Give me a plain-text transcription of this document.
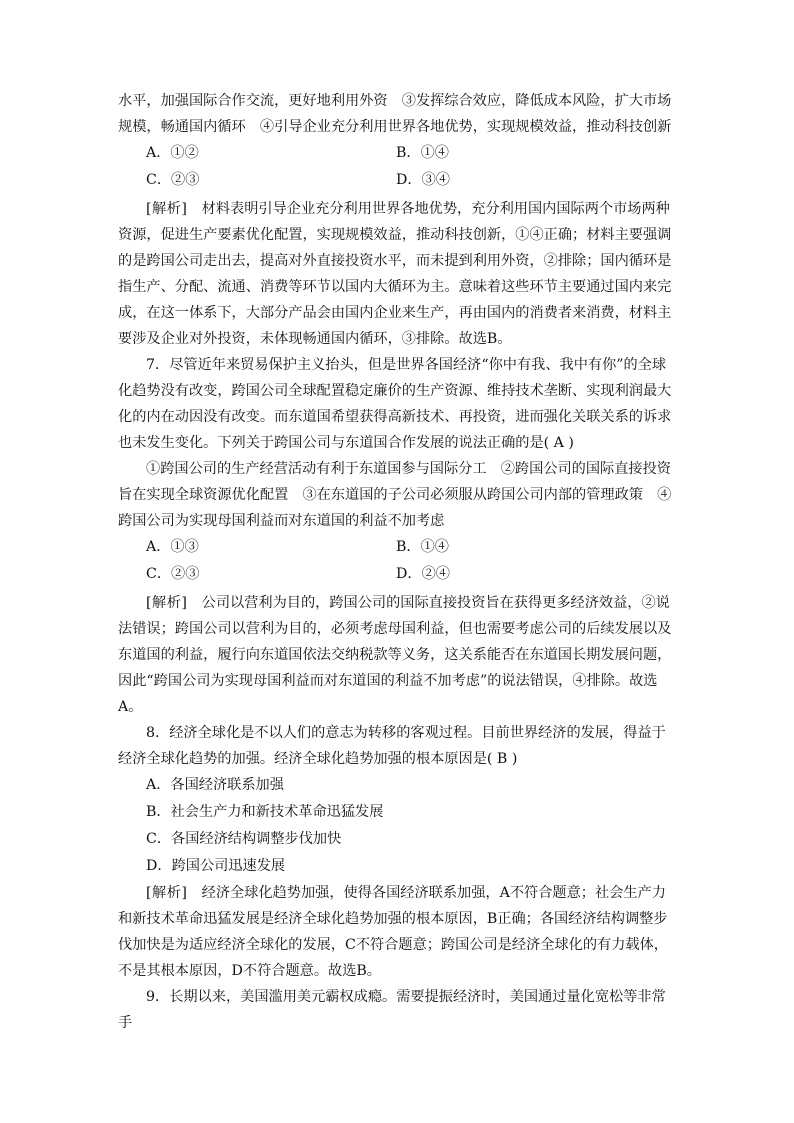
水平，加强国际合作交流，更好地利用外资　③发挥综合效应，降低成本风险，扩大市场规模，畅通国内循环　④引导企业充分利用世界各地优势，实现规模效益，推动科技创新

A．①②	B．①④
C．②③	D．③④

[解析]　材料表明引导企业充分利用世界各地优势，充分利用国内国际两个市场两种资源，促进生产要素优化配置，实现规模效益，推动科技创新，①④正确；材料主要强调的是跨国公司走出去，提高对外直接投资水平，而未提到利用外资，②排除；国内循环是指生产、分配、流通、消费等环节以国内大循环为主。意味着这些环节主要通过国内来完成，在这一体系下，大部分产品会由国内企业来生产，再由国内的消费者来消费，材料主要涉及企业对外投资，未体现畅通国内循环，③排除。故选B。

7．尽管近年来贸易保护主义抬头，但是世界各国经济“你中有我、我中有你”的全球化趋势没有改变，跨国公司全球配置稳定廉价的生产资源、维持技术垄断、实现利润最大化的内在动因没有改变。而东道国希望获得高新技术、再投资，进而强化关联关系的诉求也未发生变化。下列关于跨国公司与东道国合作发展的说法正确的是( A )

①跨国公司的生产经营活动有利于东道国参与国际分工　②跨国公司的国际直接投资旨在实现全球资源优化配置　③在东道国的子公司必须服从跨国公司内部的管理政策　④跨国公司为实现母国利益而对东道国的利益不加考虑

A．①③	B．①④
C．②③	D．②④

[解析]　公司以营利为目的，跨国公司的国际直接投资旨在获得更多经济效益，②说法错误；跨国公司以营利为目的，必须考虑母国利益，但也需要考虑公司的后续发展以及东道国的利益，履行向东道国依法交纳税款等义务，这关系能否在东道国长期发展问题，因此“跨国公司为实现母国利益而对东道国的利益不加考虑”的说法错误，④排除。故选A。

8．经济全球化是不以人们的意志为转移的客观过程。目前世界经济的发展，得益于经济全球化趋势的加强。经济全球化趋势加强的根本原因是( B )

A．各国经济联系加强
B．社会生产力和新技术革命迅猛发展
C．各国经济结构调整步伐加快
D．跨国公司迅速发展

[解析]　经济全球化趋势加强，使得各国经济联系加强，A不符合题意；社会生产力和新技术革命迅猛发展是经济全球化趋势加强的根本原因，B正确；各国经济结构调整步伐加快是为适应经济全球化的发展，C不符合题意；跨国公司是经济全球化的有力载体，不是其根本原因，D不符合题意。故选B。

9．长期以来，美国滥用美元霸权成瘾。需要提振经济时，美国通过量化宽松等非常手
